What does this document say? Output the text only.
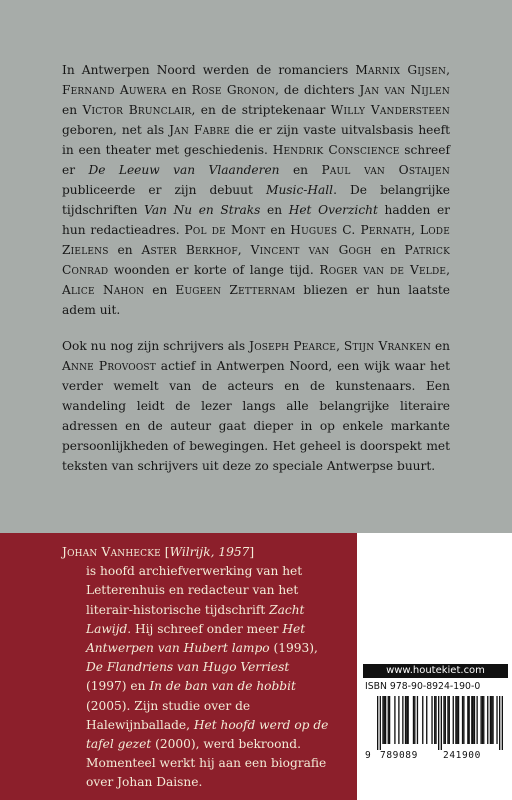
In Antwerpen Noord werden de romanciers Marnix Gijsen, Fernand Auwera en Rose Gronon, de dichters Jan van Nijlen en Victor Brunclair, en de striptekenaar Willy Vandersteen geboren, net als Jan Fabre die er zijn vaste uitvalsbasis heeft in een theater met geschiedenis. Hendrik Conscience schreef er De Leeuw van Vlaanderen en Paul van Ostaijen publiceerde er zijn debuut Music-Hall. De belangrijke tijdschriften Van Nu en Straks en Het Overzicht hadden er hun redactieadres. Pol de Mont en Hugues C. Pernath, Lode Zielens en Aster Berkhof, Vincent van Gogh en Patrick Conrad woonden er korte of lange tijd. Roger van de Velde, Alice Nahon en Eugeen Zetternam bliezen er hun laatste adem uit.

Ook nu nog zijn schrijvers als Joseph Pearce, Stijn Vranken en Anne Provoost actief in Antwerpen Noord, een wijk waar het verder wemelt van de acteurs en de kunstenaars. Een wandeling leidt de lezer langs alle belangrijke literaire adressen en de auteur gaat dieper in op enkele markante persoonlijkheden of bewegingen. Het geheel is doorspekt met teksten van schrijvers uit deze zo speciale Antwerpse buurt.

Johan Vanhecke [Wilrijk, 1957]
is hoofd archiefverwerking van het Letterenhuis en redacteur van het literair-historische tijdschrift Zacht Lawijd. Hij schreef onder meer Het Antwerpen van Hubert lampo (1993), De Flandriens van Hugo Verriest (1997) en In de ban van de hobbit (2005). Zijn studie over de Halewijnballade, Het hoofd werd op de tafel gezet (2000), werd bekroond. Momenteel werkt hij aan een biografie over Johan Daisne.
www.houtekiet.com
ISBN 978-90-8924-190-0
9 789089	241900
